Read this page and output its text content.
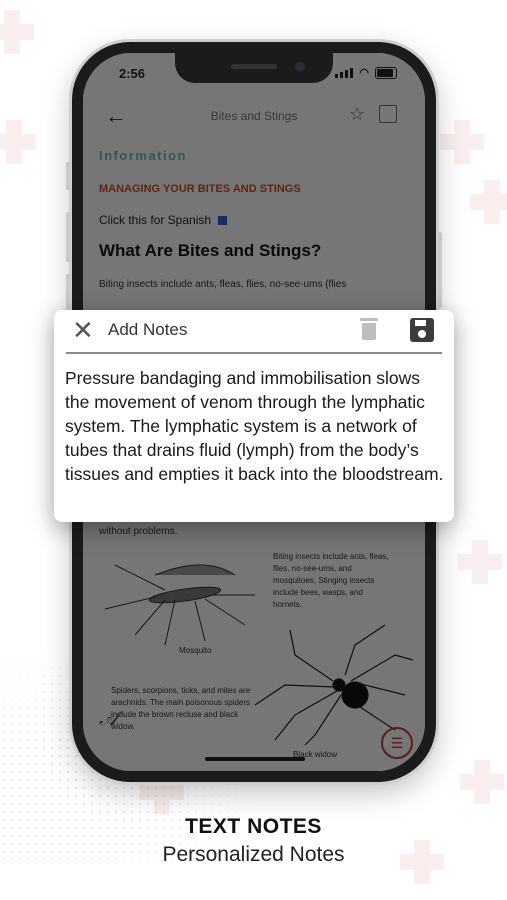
2:56	◠
✕ Add Notes
Pressure bandaging and immobilisation slows the movement of venom through the lymphatic system. The lymphatic system is a network of tubes that drains fluid (lymph) from the body’s tissues and empties it back into the bloodstream.
TEXT NOTES
Personalized Notes
